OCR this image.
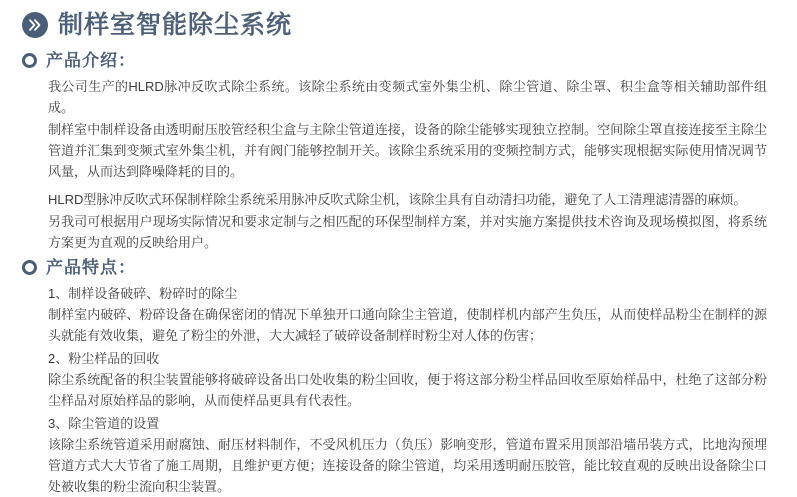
制样室智能除尘系统
产品介绍：

我公司生产的HLRD脉冲反吹式除尘系统。该除尘系统由变频式室外集尘机、除尘管道、除尘罩、积尘盒等相关辅助部件组成。

制样室中制样设备由透明耐压胶管经积尘盒与主除尘管道连接，设备的除尘能够实现独立控制。空间除尘罩直接连接至主除尘管道并汇集到变频式室外集尘机，并有阀门能够控制开关。该除尘系统采用的变频控制方式，能够实现根据实际使用情况调节风量，从而达到降噪降耗的目的。

HLRD型脉冲反吹式环保制样除尘系统采用脉冲反吹式除尘机，该除尘具有自动清扫功能，避免了人工清理滤清器的麻烦。

另我司可根据用户现场实际情况和要求定制与之相匹配的环保型制样方案，并对实施方案提供技术咨询及现场模拟图，将系统方案更为直观的反映给用户。

产品特点：

1、制样设备破碎、粉碎时的除尘

制样室内破碎、粉碎设备在确保密闭的情况下单独开口通向除尘主管道，使制样机内部产生负压，从而使样品粉尘在制样的源头就能有效收集，避免了粉尘的外泄，大大减轻了破碎设备制样时粉尘对人体的伤害；

2、粉尘样品的回收

除尘系统配备的积尘装置能够将破碎设备出口处收集的粉尘回收，便于将这部分粉尘样品回收至原始样品中，杜绝了这部分粉尘样品对原始样品的影响，从而使样品更具有代表性。

3、除尘管道的设置

该除尘系统管道采用耐腐蚀、耐压材料制作，不受风机压力（负压）影响变形，管道布置采用顶部沿墙吊装方式，比地沟预埋管道方式大大节省了施工周期，且维护更方便；连接设备的除尘管道，均采用透明耐压胶管，能比较直观的反映出设备除尘口处被收集的粉尘流向积尘装置。
